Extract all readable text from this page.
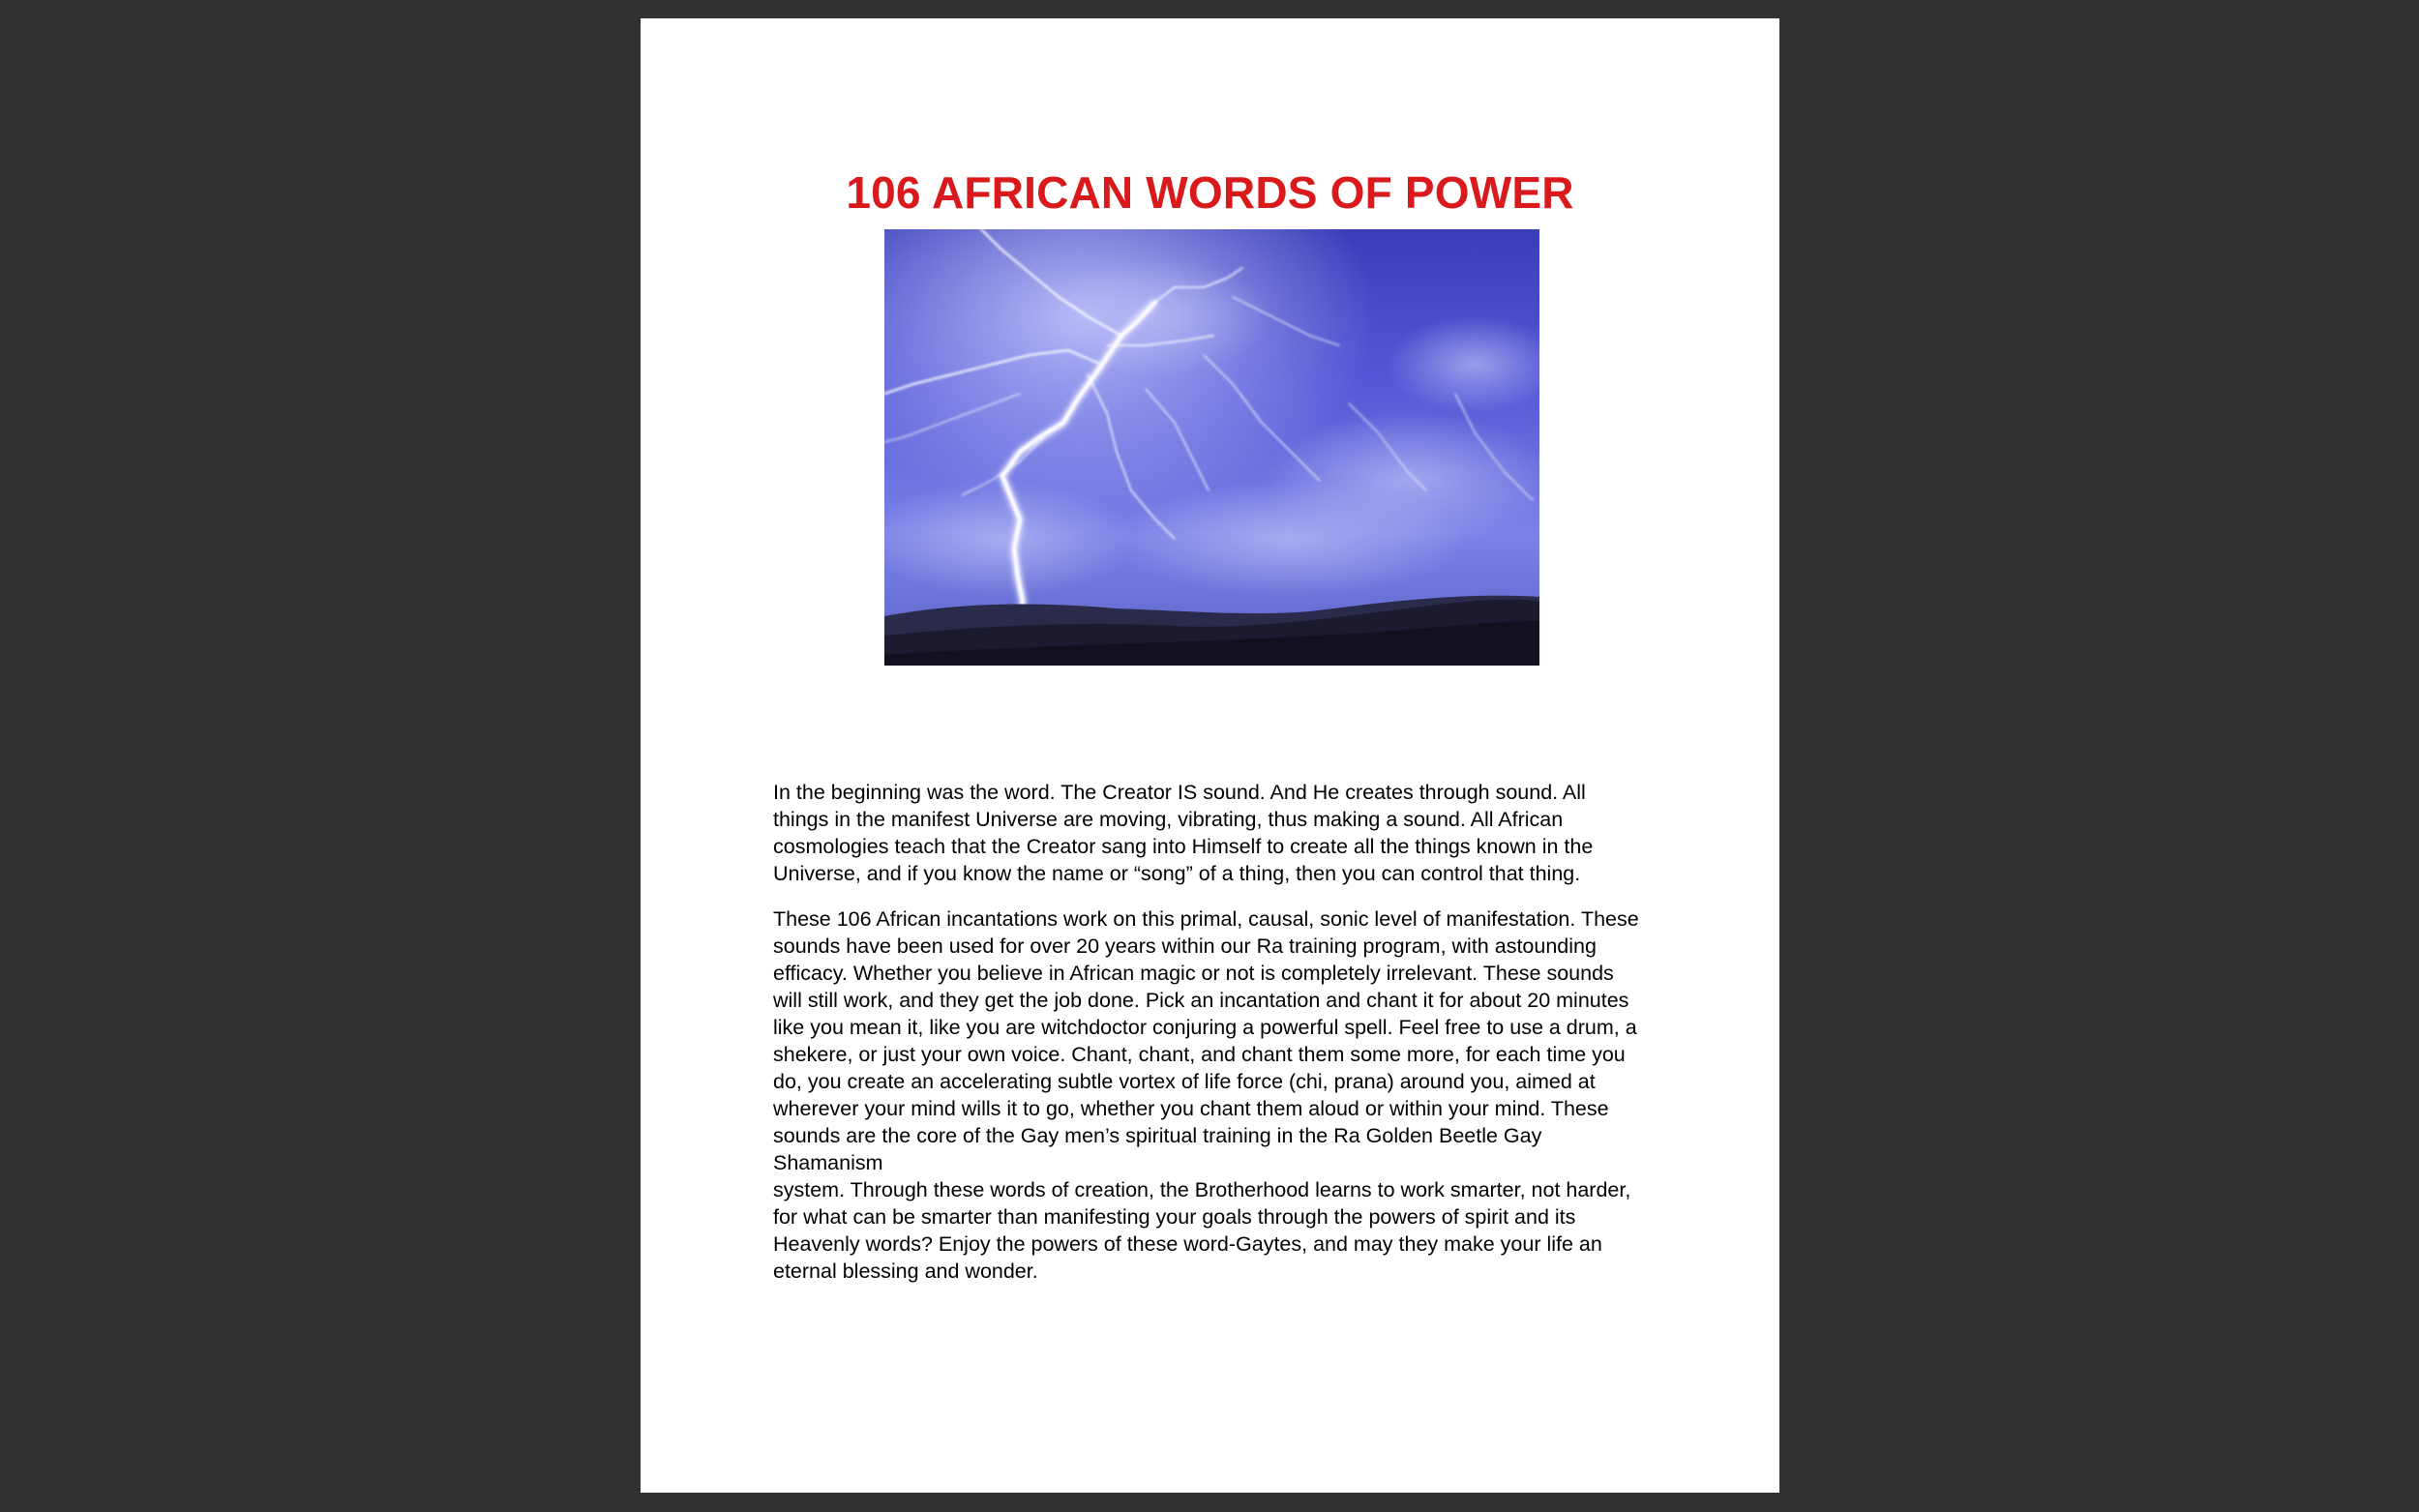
106 AFRICAN WORDS OF POWER

In the beginning was the word. The Creator IS sound. And He creates through sound. All
things in the manifest Universe are moving, vibrating, thus making a sound. All African
cosmologies teach that the Creator sang into Himself to create all the things known in the
Universe, and if you know the name or “song” of a thing, then you can control that thing.

These 106 African incantations work on this primal, causal, sonic level of manifestation. These
sounds have been used for over 20 years within our Ra training program, with astounding
efficacy. Whether you believe in African magic or not is completely irrelevant. These sounds
will still work, and they get the job done. Pick an incantation and chant it for about 20 minutes
like you mean it, like you are witchdoctor conjuring a powerful spell. Feel free to use a drum, a
shekere, or just your own voice. Chant, chant, and chant them some more, for each time you
do, you create an accelerating subtle vortex of life force (chi, prana) around you, aimed at
wherever your mind wills it to go, whether you chant them aloud or within your mind. These
sounds are the core of the Gay men’s spiritual training in the Ra Golden Beetle Gay Shamanism
system. Through these words of creation, the Brotherhood learns to work smarter, not harder,
for what can be smarter than manifesting your goals through the powers of spirit and its
Heavenly words? Enjoy the powers of these word-Gaytes, and may they make your life an
eternal blessing and wonder.
